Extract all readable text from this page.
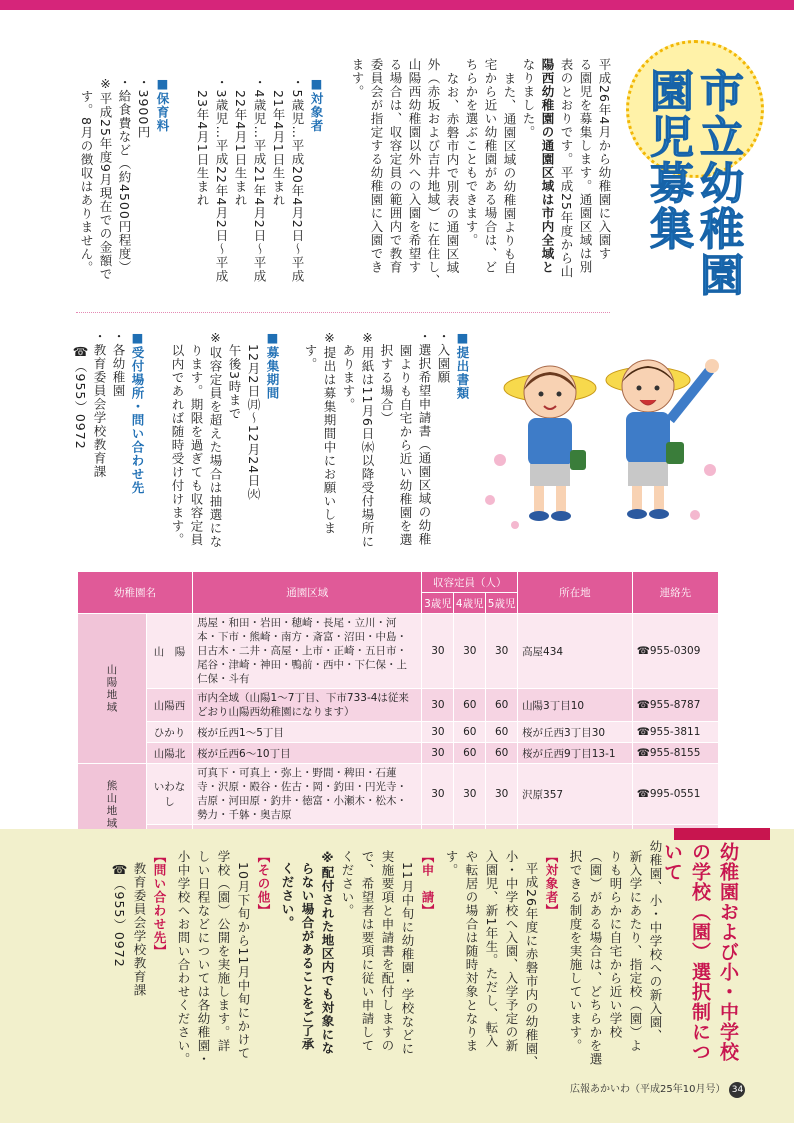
市立幼稚園
園児募集
平成26年4月から幼稚園に入園す
る園児を募集します。通園区域は別
表のとおりです。平成25年度から山
陽西幼稚園の通園区域は市内全域と
なりました。
また、通園区域の幼稚園よりも自
宅から近い幼稚園がある場合は、ど
ちらかを選ぶこともできます。
なお、赤磐市内で別表の通園区域
外（赤坂および吉井地域）に在住し、
山陽西幼稚園以外への入園を希望す
る場合は、収容定員の範囲内で教育
委員会が指定する幼稚園に入園でき
ます。
■ 対象者
・5歳児…平成20年4月2日～平成
21年4月1日生まれ
・4歳児…平成21年4月2日～平成
22年4月1日生まれ
・3歳児…平成22年4月2日～平成
23年4月1日生まれ
■ 保育料
・3900円
・給食費など（約4500円程度）
※平成25年度9月現在での金額で
す。8月の徴収はありません。
■ 提出書類
・入園願
・選択希望申請書（通園区域の幼稚
園よりも自宅から近い幼稚園を選
択する場合）
※用紙は11月6日㈬以降受付場所に
あります。
※提出は募集期間中にお願いしま
す。
■ 募集期間
12月2日㈪～12月24日㈫
午後3時まで
※収容定員を超えた場合は抽選にな
ります。期限を過ぎても収容定員
以内であれば随時受け付けます。
■ 受付場所・問い合わせ先
・各幼稚園
・教育委員会学校教育課
☎（955）0972
幼稚園名		通園区域	収容定員（人）			所在地	連絡先
			3歳児	4歳児	5歳児		
山陽地域	山　陽	馬屋・和田・岩田・穂崎・長尾・立川・河本・下市・熊崎・南方・斎富・沼田・中島・日古木・二井・高屋・上市・正崎・五日市・尾谷・津崎・神田・鴨前・西中・下仁保・上仁保・斗有	30	30	30	高屋434	☎955-0309
	山陽西	市内全域（山陽1～7丁目、下市733-4は従来どおり山陽西幼稚園になります）	30	60	60	山陽3丁目10	☎955-8787
	ひかり	桜が丘西1～5丁目	30	60	60	桜が丘西3丁目30	☎955-3811
	山陽北	桜が丘西6～10丁目	30	60	60	桜が丘西9丁目13-1	☎955-8155
熊山地域	いわなし	可真下・可真上・弥上・野間・稗田・石蓮寺・沢原・殿谷・佐古・岡・釣田・円光寺・吉原・河田原・釣井・徳富・小瀬木・松木・勢力・千躰・奥吉原	30	30	30	沢原357	☎995-0551

幼稚園および小・中学校の学校（園）選択制について
幼稚園、小・中学校への新入園、
新入学にあたり、指定校（園）よ
りも明らかに自宅から近い学校
（園）がある場合は、どちらかを選
択できる制度を実施しています。
【対象者】
平成26年度に赤磐市内の幼稚園、
小・中学校へ入園、入学予定の新
入園児、新1年生。ただし、転入
や転居の場合は随時対象となりま
す。
【申　請】
11月中旬に幼稚園・学校などに
実施要項と申請書を配付しますの
で、希望者は要項に従い申請して
ください。
※配付された地区内でも対象にな
らない場合があることをご了承
ください。
【その他】
10月下旬から11月中旬にかけて
学校（園）公開を実施します。詳
しい日程などについては各幼稚園・
小中学校へお問い合わせください。
【問い合わせ先】
教育委員会学校教育課
☎（955）0972
広報あかいわ（平成25年10月号） 34
